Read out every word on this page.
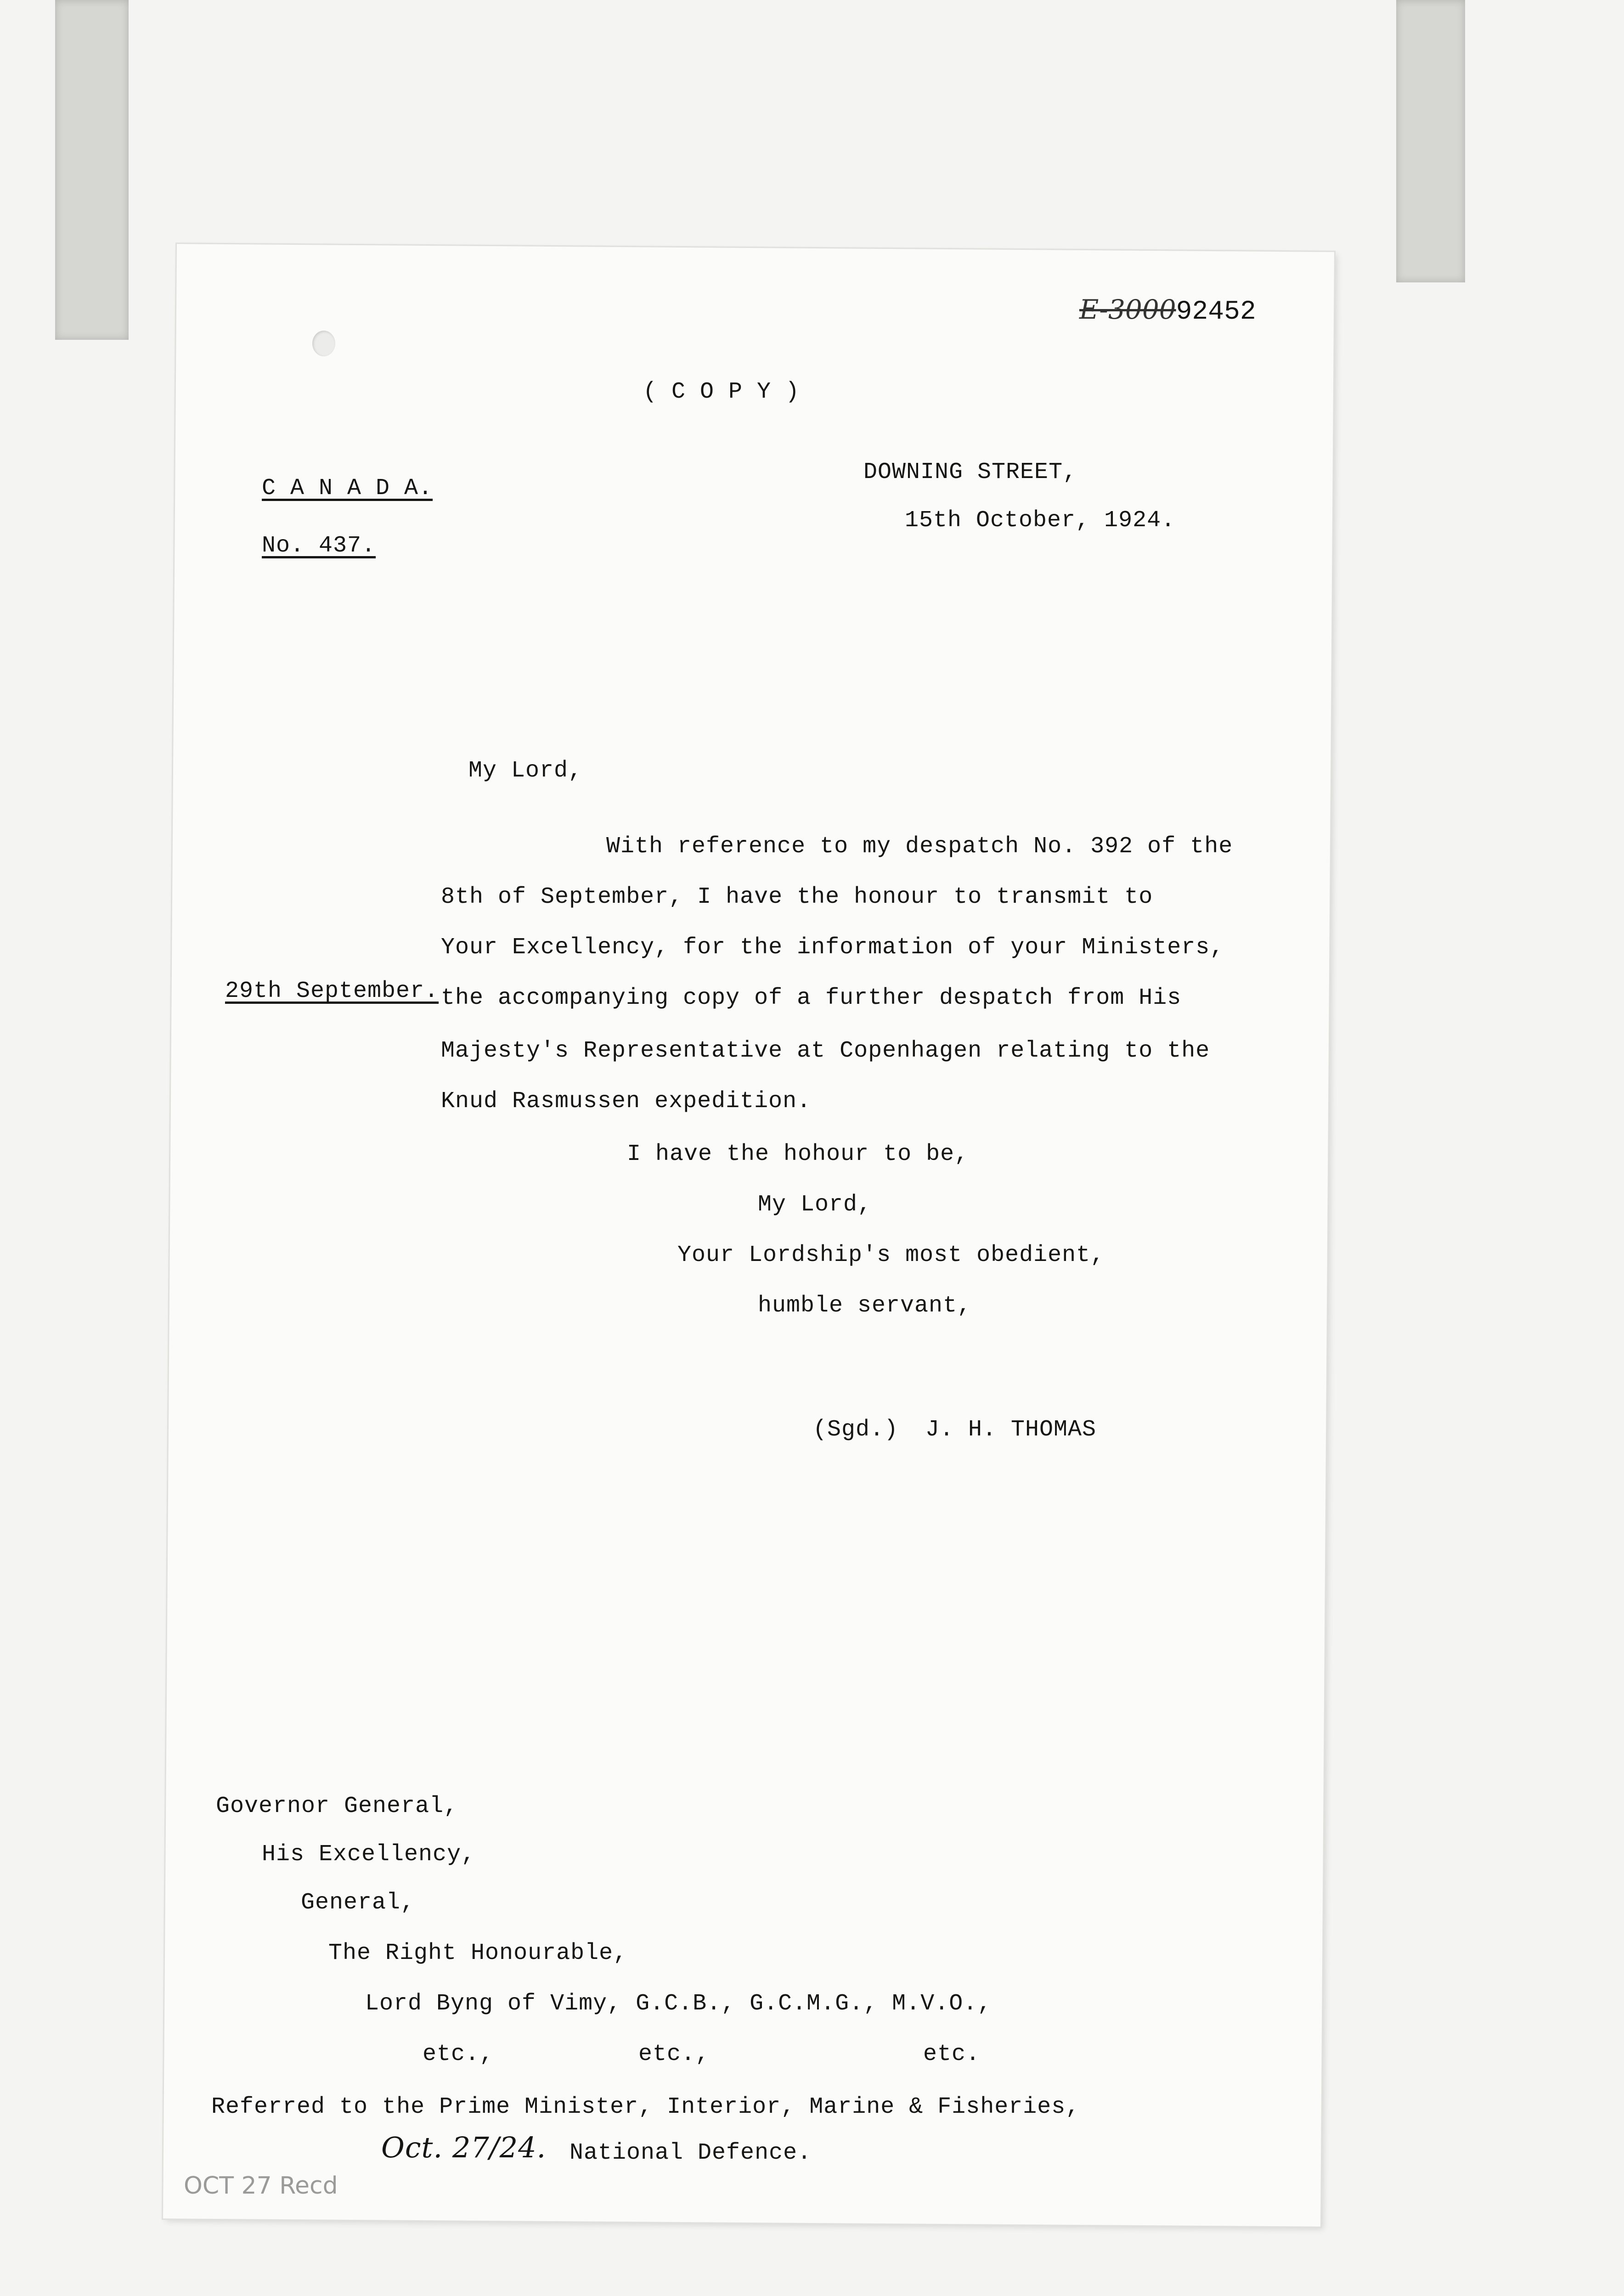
E-300092452
( C O P Y )
DOWNING STREET,
15th October, 1924.
C A N A D A.
No. 437.
My Lord,
With reference to my despatch No. 392 of the
8th of September, I have the honour to transmit to
Your Excellency, for the information of your Ministers,
29th September. the accompanying copy of a further despatch from His
Majesty's Representative at Copenhagen relating to the
Knud Rasmussen expedition.
I have the hohour to be,
My Lord,
Your Lordship's most obedient,
humble servant,
(Sgd.) J. H. THOMAS
Governor General,
His Excellency,
General,
The Right Honourable,
Lord Byng of Vimy, G.C.B., G.C.M.G., M.V.O.,
etc.,	etc.,	etc.
Referred to the Prime Minister, Interior, Marine & Fisheries,
Oct. 27/24. National Defence.
OCT 27 Recd
